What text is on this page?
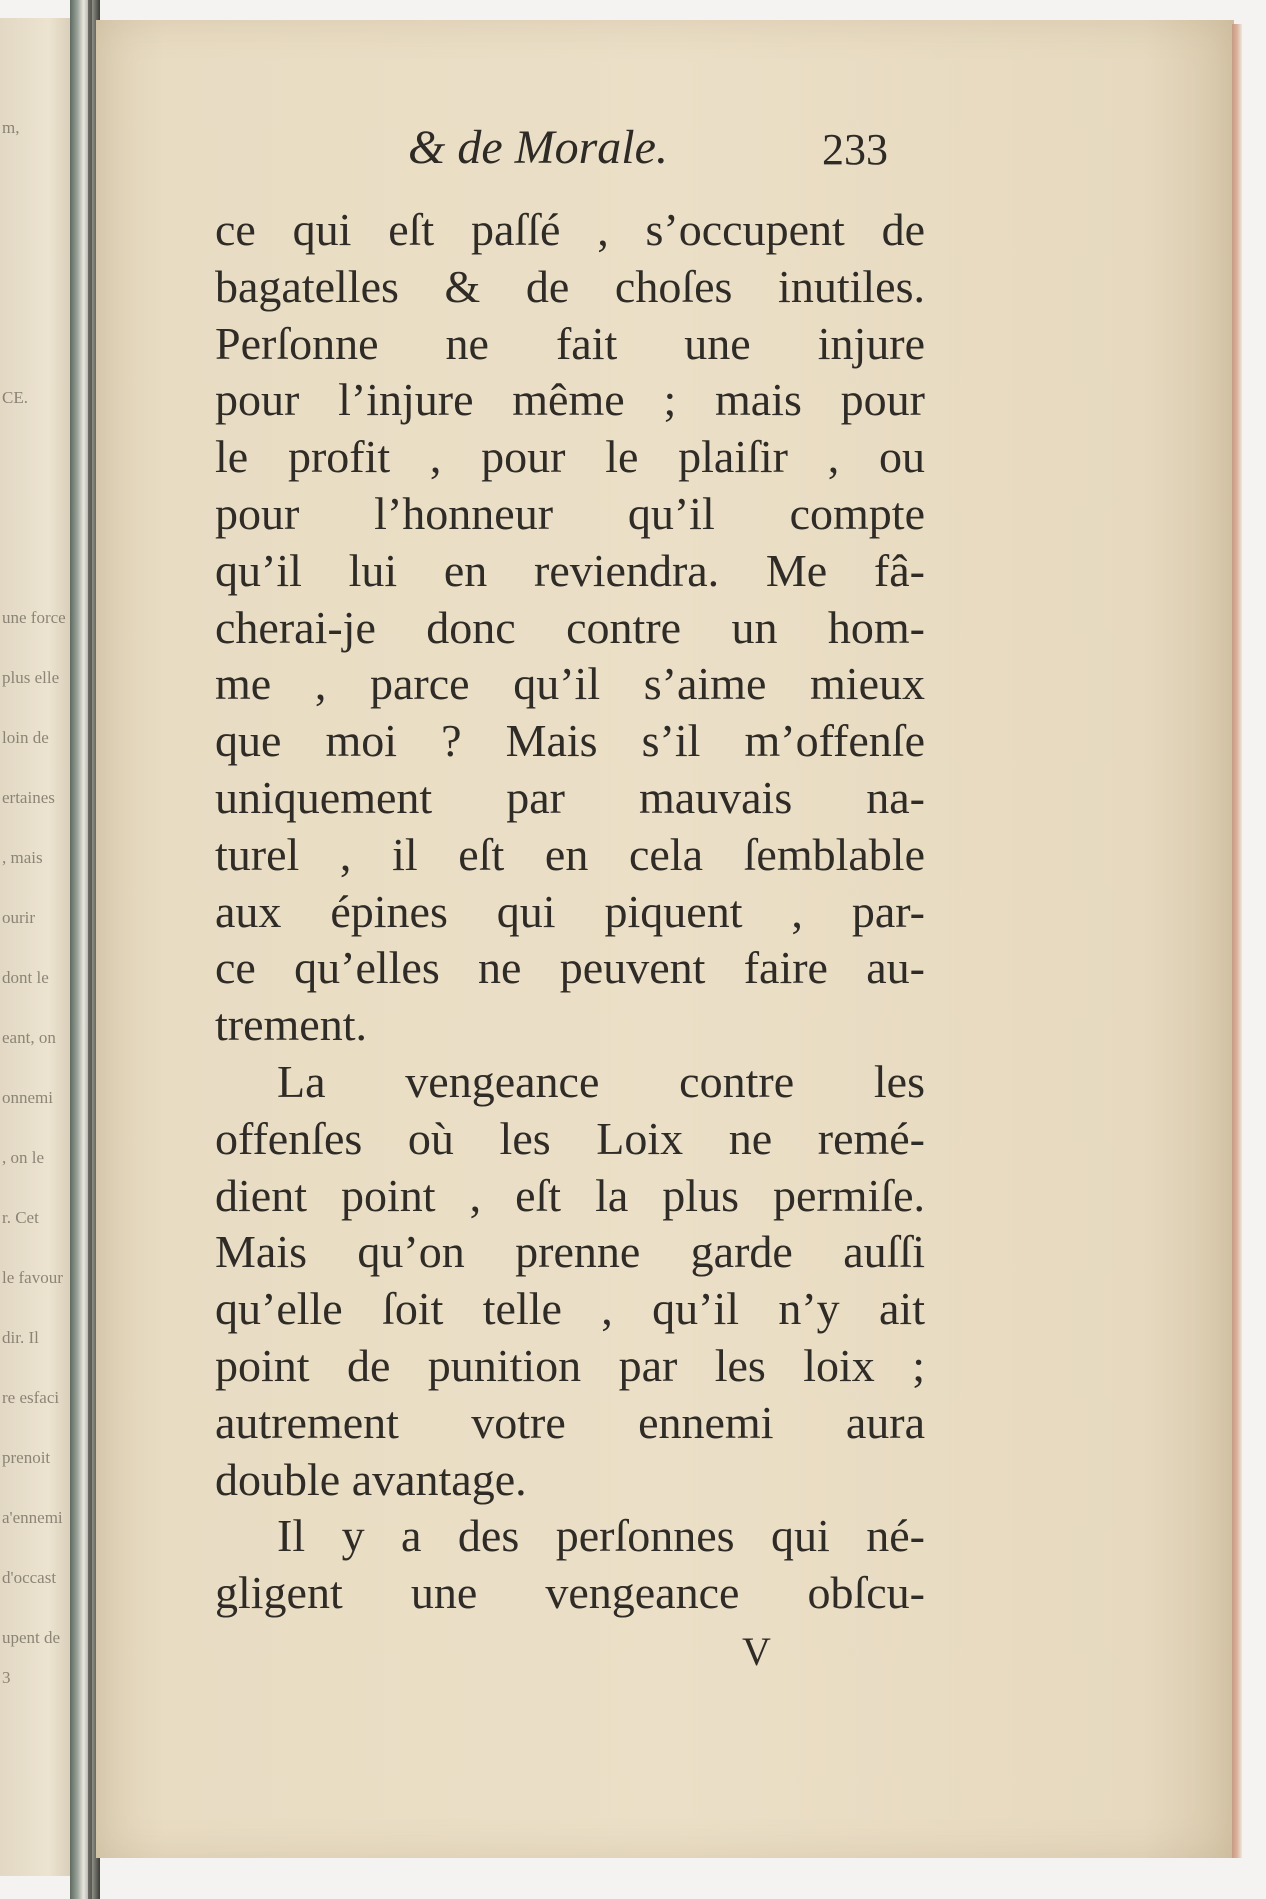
m,
CE.
une force
plus elle
loin de
ertaines
, mais
ourir
dont le
eant, on
onnemi
, on le
r. Cet
le favour
dir. Il
re esfaci
prenoit
a'ennemi
d'occast
upent de
3
& de Morale.	233
ce qui eſt paſſé , s’occupent de
bagatelles & de choſes inutiles.
Perſonne ne fait une injure
pour l’injure même ; mais pour
le profit , pour le plaiſir , ou
pour l’honneur qu’il compte
qu’il lui en reviendra. Me fâ-
cherai-je donc contre un hom-
me , parce qu’il s’aime mieux
que moi ? Mais s’il m’offenſe
uniquement par mauvais na-
turel , il eſt en cela ſemblable
aux épines qui piquent , par-
ce qu’elles ne peuvent faire au-
trement.
La vengeance contre les
offenſes où les Loix ne remé-
dient point , eſt la plus permiſe.
Mais qu’on prenne garde auſſi
qu’elle ſoit telle , qu’il n’y ait
point de punition par les loix ;
autrement votre ennemi aura
double avantage.
Il y a des perſonnes qui né-
gligent une vengeance obſcu-
V
